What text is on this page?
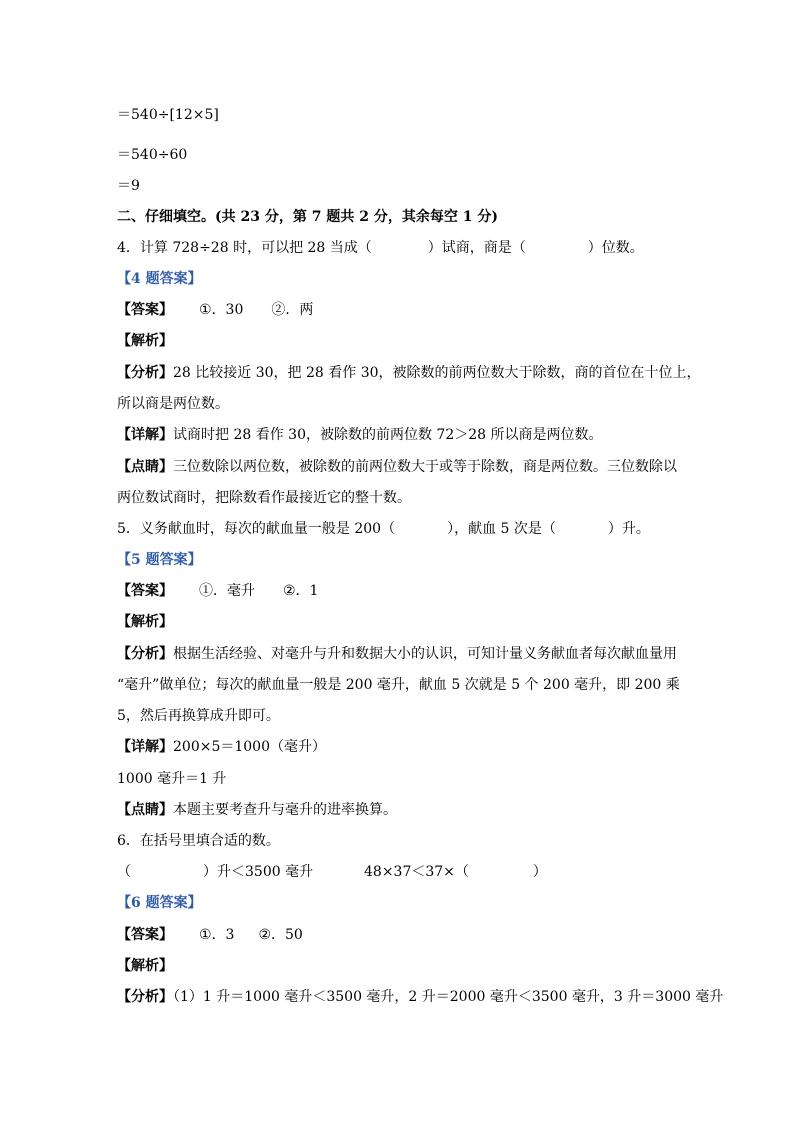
＝540÷[12×5]
＝540÷60
＝9
二、仔细填空。(共 23 分，第 7 题共 2 分，其余每空 1 分)
4．计算 728÷28 时，可以把 28 当成（	）试商，商是（	）位数。
【4 题答案】
【答案】 ①．30 ②．两
【解析】
【分析】28 比较接近 30，把 28 看作 30，被除数的前两位数大于除数，商的首位在十位上，
所以商是两位数。
【详解】试商时把 28 看作 30，被除数的前两位数 72＞28 所以商是两位数。
【点睛】三位数除以两位数，被除数的前两位数大于或等于除数，商是两位数。三位数除以
两位数试商时，把除数看作最接近它的整十数。
5．义务献血时，每次的献血量一般是 200（	），献血 5 次是（	）升。
【5 题答案】
【答案】 ①．毫升 ②．1
【解析】
【分析】根据生活经验、对毫升与升和数据大小的认识，可知计量义务献血者每次献血量用
“毫升”做单位；每次的献血量一般是 200 毫升，献血 5 次就是 5 个 200 毫升，即 200 乘
5，然后再换算成升即可。
【详解】200×5＝1000（毫升）
1000 毫升＝1 升
【点睛】本题主要考查升与毫升的进率换算。
6．在括号里填合适的数。
（	）升＜3500 毫升	48×37＜37×（	）
【6 题答案】
【答案】 ①．3 ②．50
【解析】
【分析】（1）1 升＝1000 毫升＜3500 毫升，2 升＝2000 毫升＜3500 毫升，3 升＝3000 毫升
